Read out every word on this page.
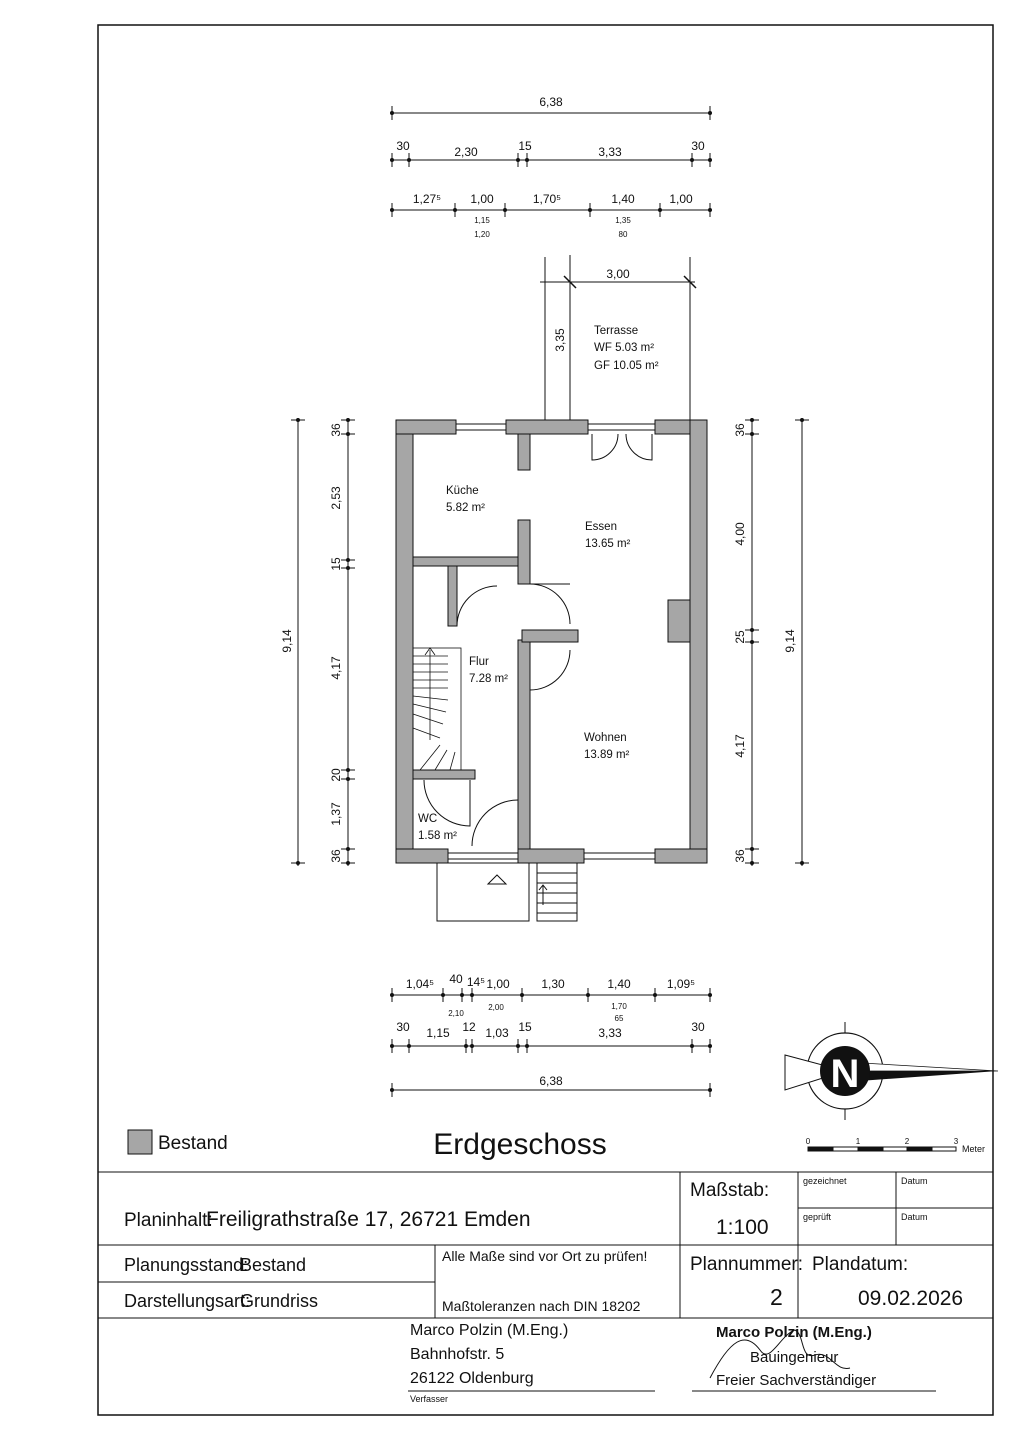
6,38
30	2,30	15	3,33	30
1,27⁵ 1,00	1,70⁵	1,40	1,00
1,15
1,20
1,35
80
3,00
3,35 Terrasse
WF 5.03 m²
GF 10.05 m²
Küche
5.82 m²
Essen
13.65 m²
Flur
7.28 m²
Wohnen
13.89 m²
WC
1.58 m²
9,14
36
2,53
15
4,17
20
1,37
36
36
4,00
25
4,17
36
9,14
1,04⁵ 40 14⁵ 1,00	1,30	1,40	1,09⁵
2,10
2,00	1,70
65
30 1,15 12 1,03 15	3,33	30
6,38	N
0	1	2	3
Meter
Bestand	Erdgeschoss
Planinhalt:
Freiligrathstraße 17, 26721 Emden
Maßstab:
1:100
gezeichnet	Datum
geprüft	Datum
Planungsstand:
Bestand
Darstellungsart:
Grundriss
Alle Maße sind vor Ort zu prüfen!
Maßtoleranzen nach DIN 18202
Plannummer:
2
Plandatum:
09.02.2026
Marco Polzin (M.Eng.)
Bahnhofstr. 5
26122 Oldenburg
Verfasser
Marco Polzin (M.Eng.)
Bauingenieur
Freier Sachverständiger
